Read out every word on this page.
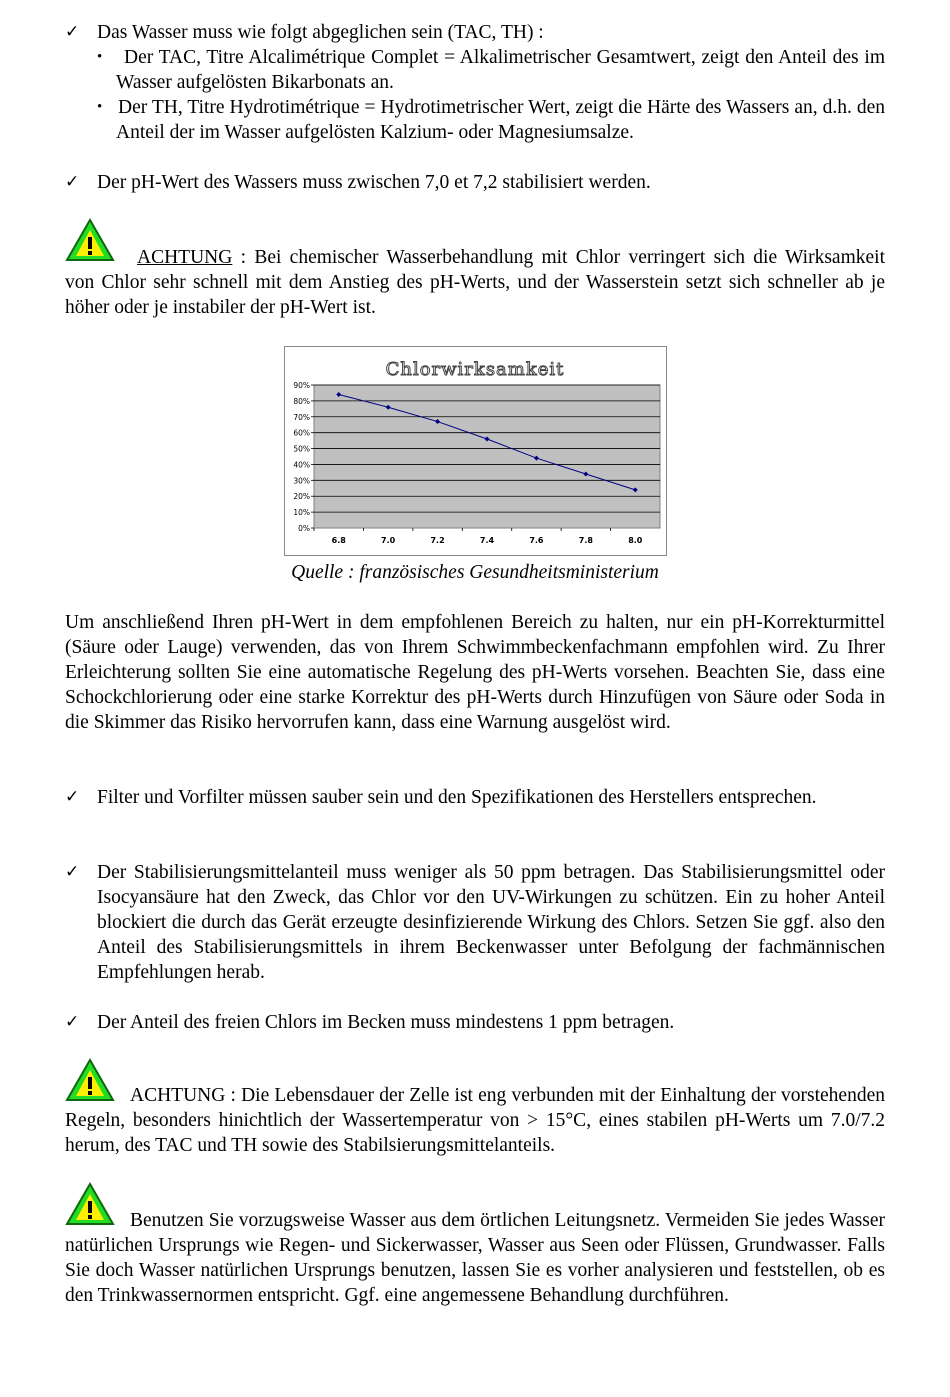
✓ Das Wasser muss wie folgt abgeglichen sein (TAC, TH) :
•	Der TAC, Titre Alcalimétrique Complet = Alkalimetrischer Gesamtwert, zeigt den Anteil des im Wasser aufgelösten Bikarbonats an.
• Der TH, Titre Hydrotimétrique = Hydrotimetrischer Wert, zeigt die Härte des Wassers an, d.h. den Anteil der im Wasser aufgelösten Kalzium- oder Magnesiumsalze.
✓ Der pH-Wert des Wassers muss zwischen 7,0 et 7,2 stabilisiert werden.
ACHTUNG : Bei chemischer Wasserbehandlung mit Chlor verringert sich die Wirksamkeit von Chlor sehr schnell mit dem Anstieg des pH-Werts, und der Wasserstein setzt sich schneller ab je höher oder je instabiler der pH-Wert ist.
Chlorwirksamkeit
0%
10%
20%
30%
40%
50%
60%
70%
80%
90%
6.8	7.0	7.2	7.4	7.6	7.8	8.0
Quelle : französisches Gesundheitsministerium
Um anschließend Ihren pH-Wert in dem empfohlenen Bereich zu halten, nur ein pH-Korrekturmittel (Säure oder Lauge) verwenden, das von Ihrem Schwimmbeckenfachmann empfohlen wird. Zu Ihrer Erleichterung sollten Sie eine automatische Regelung des pH-Werts vorsehen. Beachten Sie, dass eine Schockchlorierung oder eine starke Korrektur des pH-Werts durch Hinzufügen von Säure oder Soda in die Skimmer das Risiko hervorrufen kann, dass eine Warnung ausgelöst wird.
✓ Filter und Vorfilter müssen sauber sein und den Spezifikationen des Herstellers entsprechen.
✓ Der Stabilisierungsmittelanteil muss weniger als 50 ppm betragen. Das Stabilisierungsmittel oder Isocyansäure hat den Zweck, das Chlor vor den UV-Wirkungen zu schützen. Ein zu hoher Anteil blockiert die durch das Gerät erzeugte desinfizierende Wirkung des Chlors. Setzen Sie ggf. also den Anteil des Stabilisierungsmittels in ihrem Beckenwasser unter Befolgung der fachmännischen Empfehlungen herab.
✓ Der Anteil des freien Chlors im Becken muss mindestens 1 ppm betragen.
ACHTUNG : Die Lebensdauer der Zelle ist eng verbunden mit der Einhaltung der vorstehenden Regeln, besonders hinichtlich der Wassertemperatur von > 15°C, eines stabilen pH-Werts um 7.0/7.2 herum, des TAC und TH sowie des Stabilsierungsmittelanteils.
Benutzen Sie vorzugsweise Wasser aus dem örtlichen Leitungsnetz. Vermeiden Sie jedes Wasser natürlichen Ursprungs wie Regen- und Sickerwasser, Wasser aus Seen oder Flüssen, Grundwasser. Falls Sie doch Wasser natürlichen Ursprungs benutzen, lassen Sie es vorher analysieren und feststellen, ob es den Trinkwassernormen entspricht. Ggf. eine angemessene Behandlung durchführen.
